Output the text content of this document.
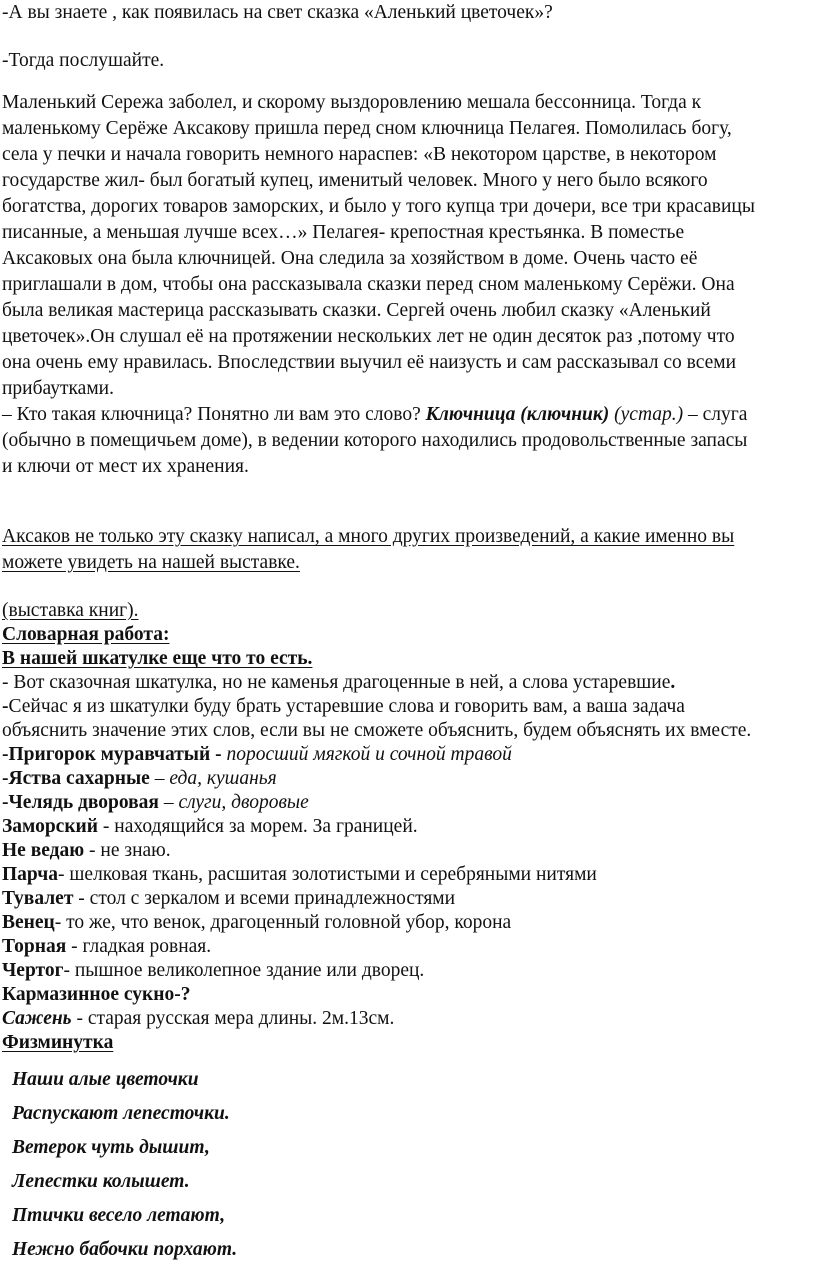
-А вы знаете , как появилась на свет сказка «Аленький цветочек»?
-Тогда послушайте.
Маленький Сережа заболел, и скорому выздоровлению мешала бессонница. Тогда к
маленькому Серёже Аксакову пришла перед сном ключница Пелагея. Помолилась богу,
села у печки и начала говорить немного нараспев: «В некотором царстве, в некотором
государстве жил- был богатый купец, именитый человек. Много у него было всякого
богатства, дорогих товаров заморских, и было у того купца три дочери, все три красавицы
писанные, а меньшая лучше всех…» Пелагея- крепостная крестьянка. В поместье
Аксаковых она была ключницей. Она следила за хозяйством в доме. Очень часто её
приглашали в дом, чтобы она рассказывала сказки перед сном маленькому Серёжи. Она
была великая мастерица рассказывать сказки. Сергей очень любил сказку «Аленький
цветочек».Он слушал её на протяжении нескольких лет не один десяток раз ,потому что
она очень ему нравилась. Впоследствии выучил её наизусть и сам рассказывал со всеми
прибаутками.
– Кто такая ключница? Понятно ли вам это слово? Ключница (ключник) (устар.) – слуга
(обычно в помещичьем доме), в ведении которого находились продовольственные запасы
и ключи от мест их хранения.
Аксаков не только эту сказку написал, а много других произведений, а какие именно вы
можете увидеть на нашей выставке.
(выставка книг).
Словарная работа:
В нашей шкатулке еще что то есть.
- Вот сказочная шкатулка, но не каменья драгоценные в ней, а слова устаревшие.
-Сейчас я из шкатулки буду брать устаревшие слова и говорить вам, а ваша задача
объяснить значение этих слов, если вы не сможете объяснить, будем объяснять их вместе.
-Пригорок муравчатый - поросший мягкой и сочной травой
-Яства сахарные – еда, кушанья
-Челядь дворовая – слуги, дворовые
Заморский - находящийся за морем. За границей.
Не ведаю - не знаю.
Парча- шелковая ткань, расшитая золотистыми и серебряными нитями
Тувалет - стол с зеркалом и всеми принадлежностями
Венец- то же, что венок, драгоценный головной убор, корона
Торная - гладкая ровная.
Чертог- пышное великолепное здание или дворец.
Кармазинное сукно-?
Сажень - старая русская мера длины. 2м.13см.
Физминутка
Наши алые цветочки
Распускают лепесточки.
Ветерок чуть дышит,
Лепестки колышет.
Птички весело летают,
Нежно бабочки порхают.
